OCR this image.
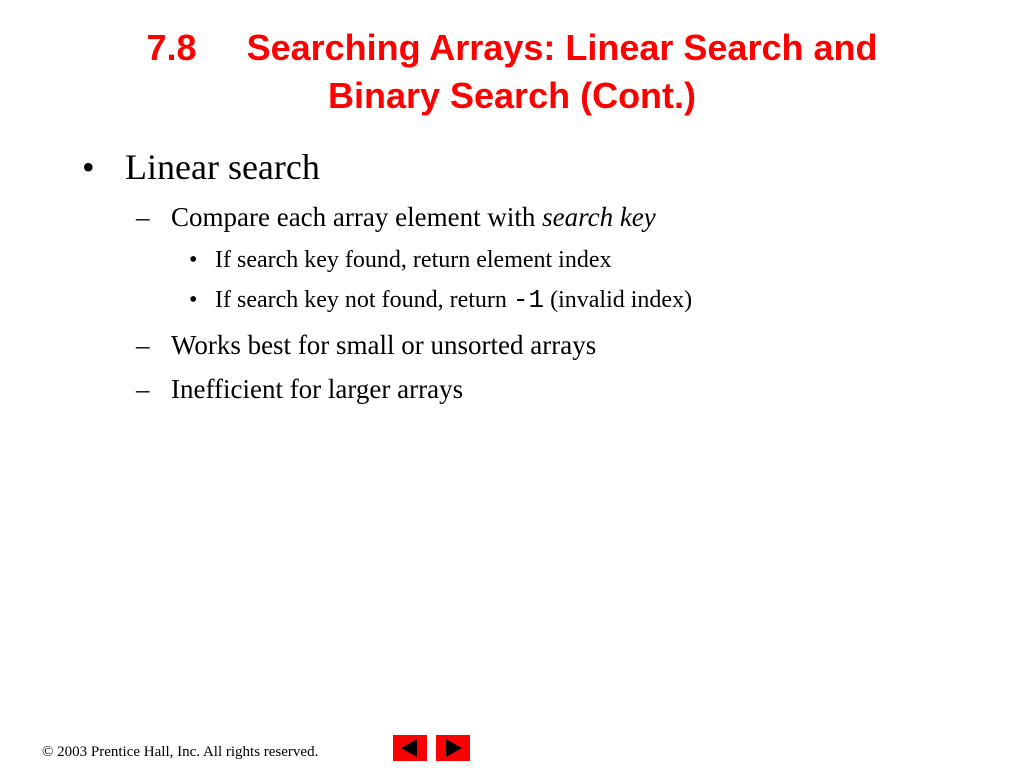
7.8 Searching Arrays: Linear Search and
Binary Search (Cont.)
• Linear search
– Compare each array element with search key
• If search key found, return element index
• If search key not found, return -1 (invalid index)
– Works best for small or unsorted arrays
– Inefficient for larger arrays
© 2003 Prentice Hall, Inc. All rights reserved.
